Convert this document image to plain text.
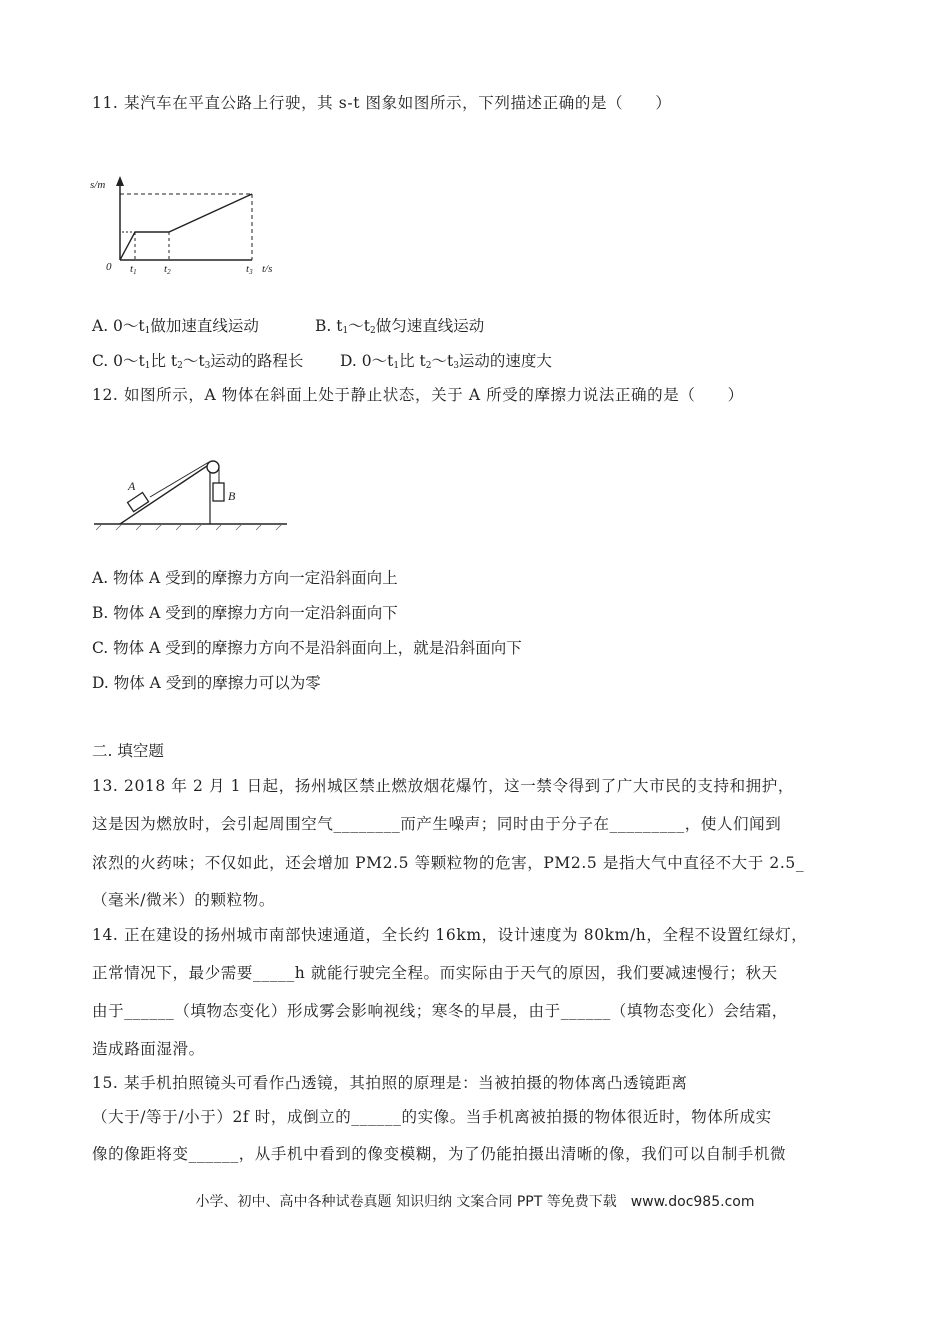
11. 某汽车在平直公路上行驶，其 s-t 图象如图所示，下列描述正确的是（　　）
s/m
0 t1 t2	t3 t/s
A. $0\sim t_1$做加速直线运动	B. $t_1\sim t_2$做匀速直线运动
C. $0\sim t_1$比 $t_2\sim t_3$运动的路程长 D. $0\sim t_1$比 $t_2\sim t_3$运动的速度大
12. 如图所示，A 物体在斜面上处于静止状态，关于 A 所受的摩擦力说法正确的是（　　）
A
B
A. 物体 A 受到的摩擦力方向一定沿斜面向上
B. 物体 A 受到的摩擦力方向一定沿斜面向下
C. 物体 A 受到的摩擦力方向不是沿斜面向上，就是沿斜面向下
D. 物体 A 受到的摩擦力可以为零
二. 填空题
13. 2018 年 2 月 1 日起，扬州城区禁止燃放烟花爆竹，这一禁令得到了广大市民的支持和拥护，
这是因为燃放时，会引起周围空气________而产生噪声；同时由于分子在_________，使人们闻到
浓烈的火药味；不仅如此，还会增加 PM2.5 等颗粒物的危害，PM2.5 是指大气中直径不大于 2.5_
（毫米/微米）的颗粒物。
14. 正在建设的扬州城市南部快速通道，全长约 16km，设计速度为 80km/h，全程不设置红绿灯，
正常情况下，最少需要_____h 就能行驶完全程。而实际由于天气的原因，我们要减速慢行；秋天
由于______（填物态变化）形成雾会影响视线；寒冬的早晨，由于______（填物态变化）会结霜，
造成路面湿滑。
15. 某手机拍照镜头可看作凸透镜，其拍照的原理是：当被拍摄的物体离凸透镜距离
（大于/等于/小于）2f 时，成倒立的______的实像。当手机离被拍摄的物体很近时，物体所成实
像的像距将变______，从手机中看到的像变模糊，为了仍能拍摄出清晰的像，我们可以自制手机微
小学、初中、高中各种试卷真题 知识归纳 文案合同 PPT 等免费下载　www.doc985.com
